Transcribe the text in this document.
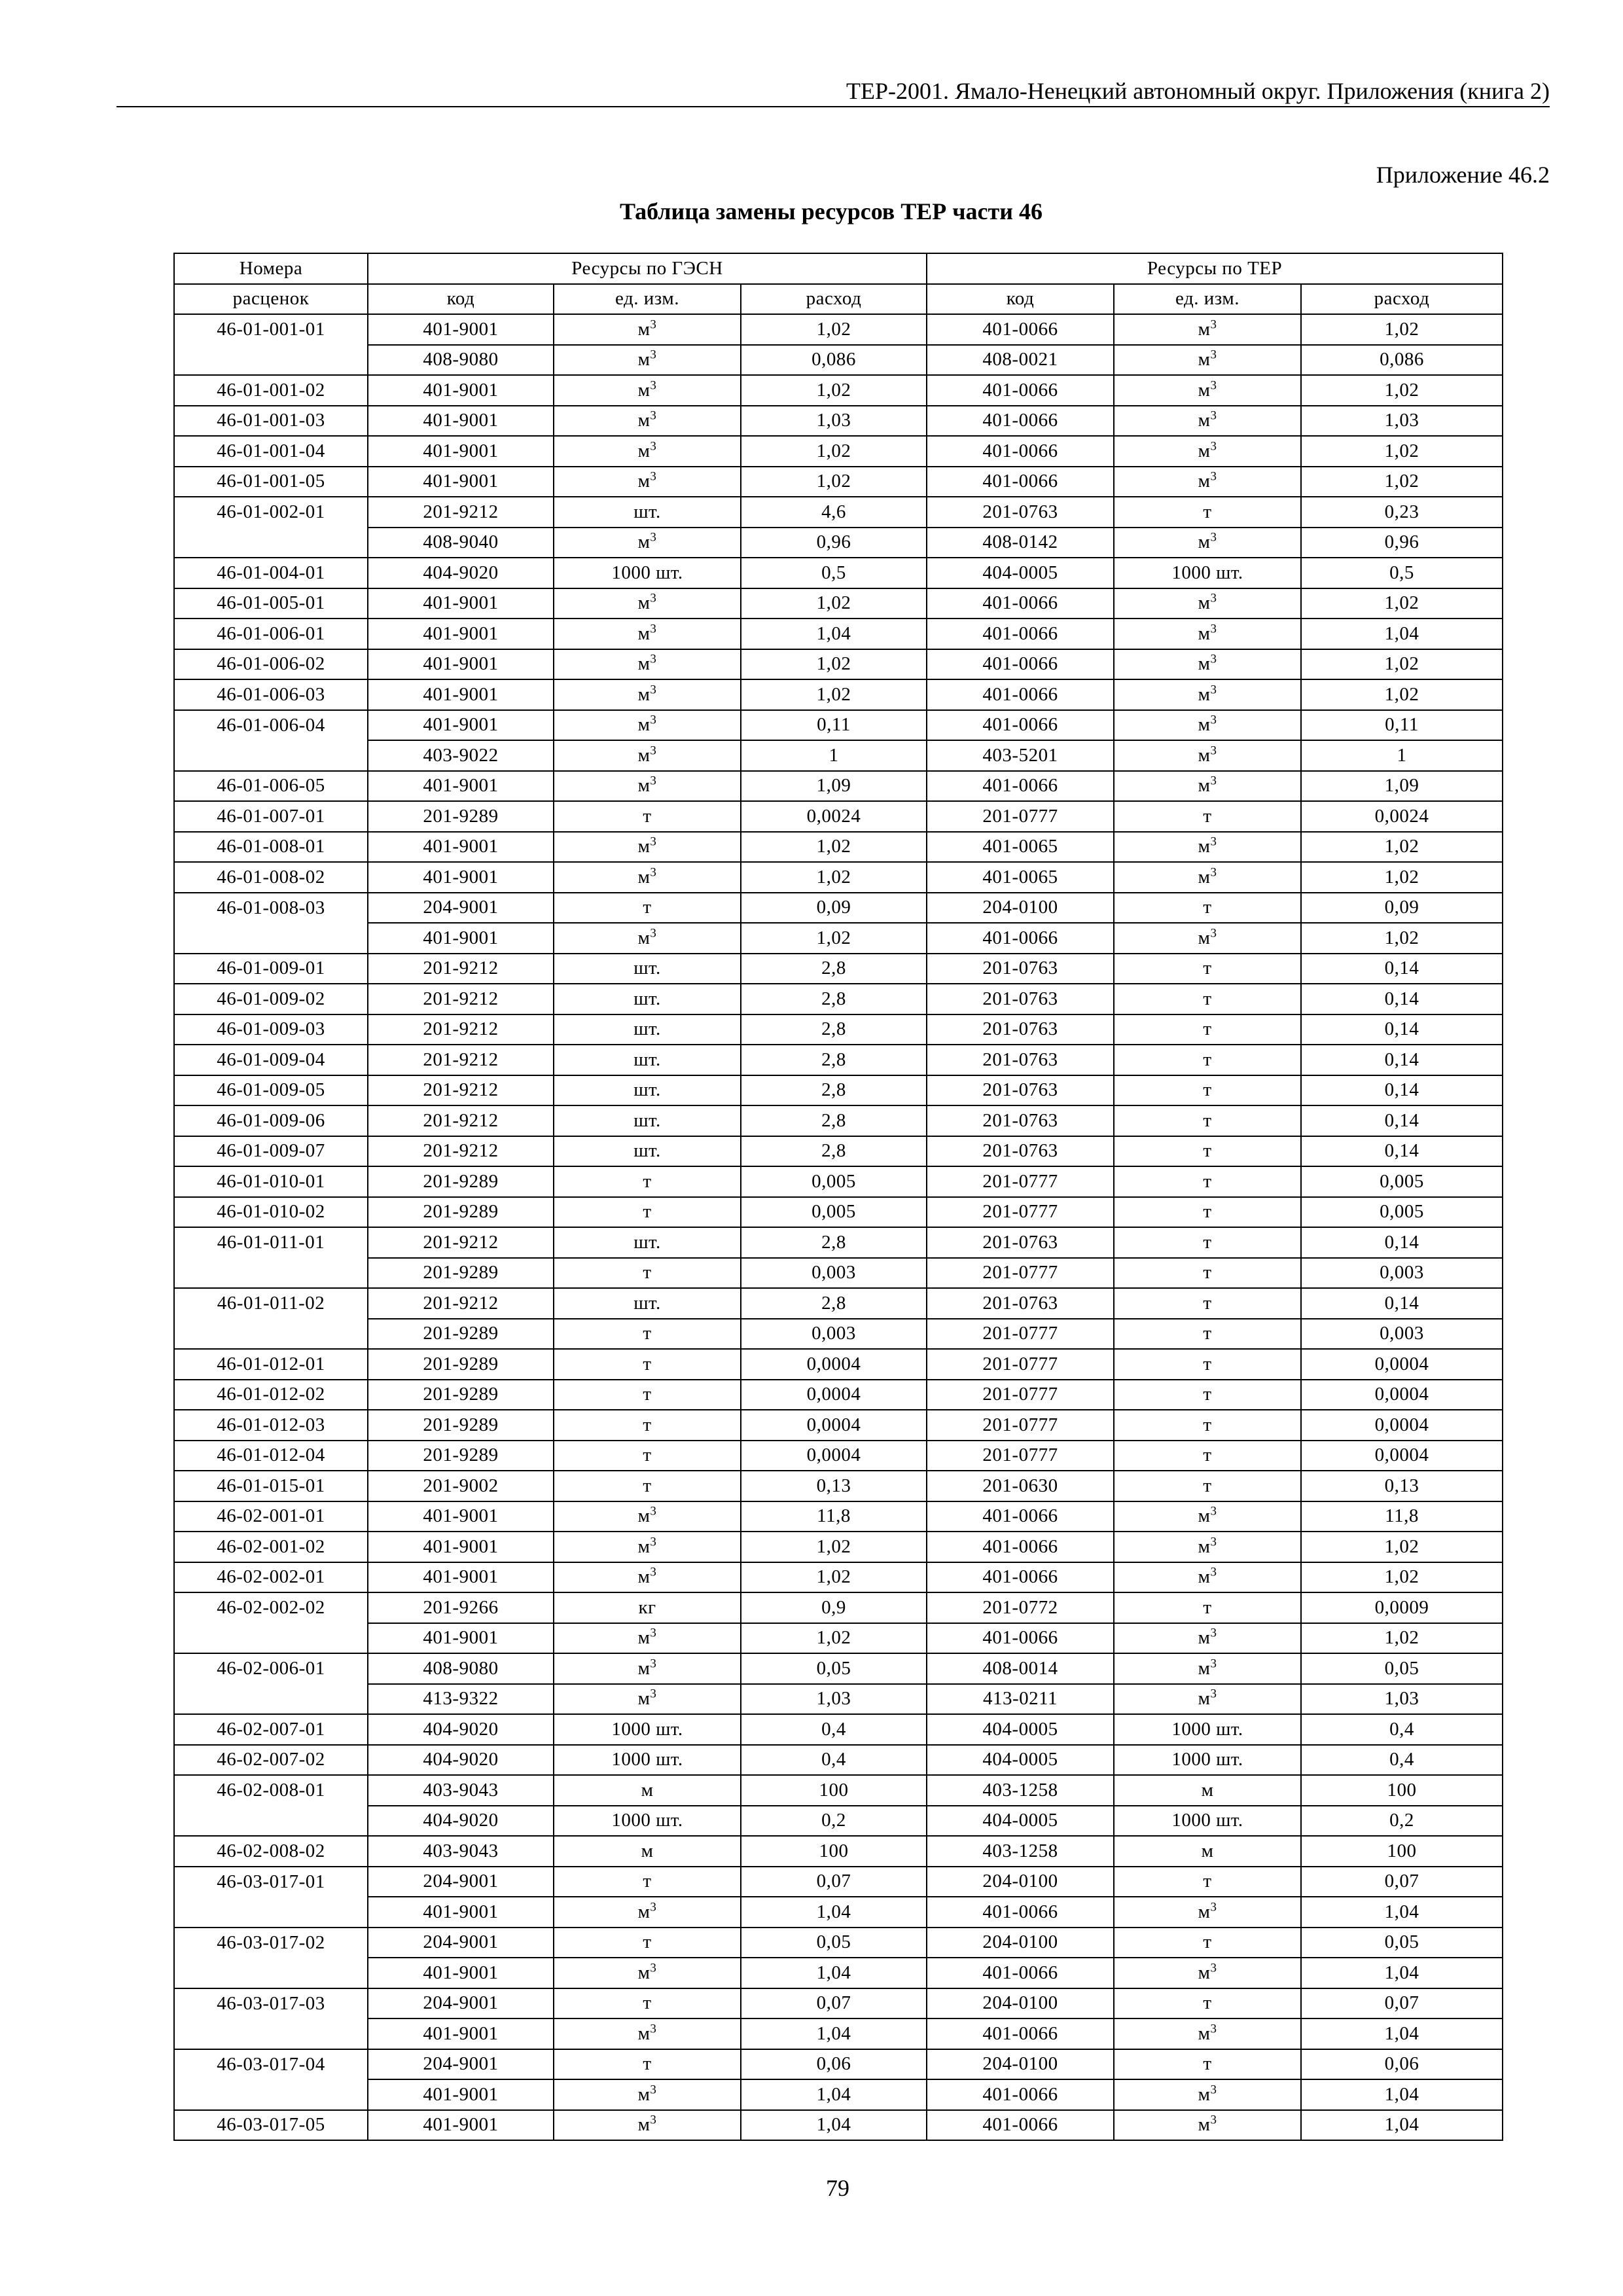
ТЕР-2001. Ямало-Ненецкий автономный округ. Приложения (книга 2)
Приложение 46.2
Таблица замены ресурсов ТЕР части 46
Номера	Ресурсы по ГЭСН			Ресурсы по ТЕР		
расценок	код	ед. изм.	расход	код	ед. изм.	расход
46-01-001-01	401-9001	$м^3$	1,02	401-0066	$м^3$	1,02
	408-9080	$м^3$	0,086	408-0021	$м^3$	0,086
46-01-001-02	401-9001	$м^3$	1,02	401-0066	$м^3$	1,02
46-01-001-03	401-9001	$м^3$	1,03	401-0066	$м^3$	1,03
46-01-001-04	401-9001	$м^3$	1,02	401-0066	$м^3$	1,02
46-01-001-05	401-9001	$м^3$	1,02	401-0066	$м^3$	1,02
46-01-002-01	201-9212	шт.	4,6	201-0763	т	0,23
	408-9040	$м^3$	0,96	408-0142	$м^3$	0,96
46-01-004-01	404-9020	1000 шт.	0,5	404-0005	1000 шт.	0,5
46-01-005-01	401-9001	$м^3$	1,02	401-0066	$м^3$	1,02
46-01-006-01	401-9001	$м^3$	1,04	401-0066	$м^3$	1,04
46-01-006-02	401-9001	$м^3$	1,02	401-0066	$м^3$	1,02
46-01-006-03	401-9001	$м^3$	1,02	401-0066	$м^3$	1,02
46-01-006-04	401-9001	$м^3$	0,11	401-0066	$м^3$	0,11
	403-9022	$м^3$	1	403-5201	$м^3$	1
46-01-006-05	401-9001	$м^3$	1,09	401-0066	$м^3$	1,09
46-01-007-01	201-9289	т	0,0024	201-0777	т	0,0024
46-01-008-01	401-9001	$м^3$	1,02	401-0065	$м^3$	1,02
46-01-008-02	401-9001	$м^3$	1,02	401-0065	$м^3$	1,02
46-01-008-03	204-9001	т	0,09	204-0100	т	0,09
	401-9001	$м^3$	1,02	401-0066	$м^3$	1,02
46-01-009-01	201-9212	шт.	2,8	201-0763	т	0,14
46-01-009-02	201-9212	шт.	2,8	201-0763	т	0,14
46-01-009-03	201-9212	шт.	2,8	201-0763	т	0,14
46-01-009-04	201-9212	шт.	2,8	201-0763	т	0,14
46-01-009-05	201-9212	шт.	2,8	201-0763	т	0,14
46-01-009-06	201-9212	шт.	2,8	201-0763	т	0,14
46-01-009-07	201-9212	шт.	2,8	201-0763	т	0,14
46-01-010-01	201-9289	т	0,005	201-0777	т	0,005
46-01-010-02	201-9289	т	0,005	201-0777	т	0,005
46-01-011-01	201-9212	шт.	2,8	201-0763	т	0,14
	201-9289	т	0,003	201-0777	т	0,003
46-01-011-02	201-9212	шт.	2,8	201-0763	т	0,14
	201-9289	т	0,003	201-0777	т	0,003
46-01-012-01	201-9289	т	0,0004	201-0777	т	0,0004
46-01-012-02	201-9289	т	0,0004	201-0777	т	0,0004
46-01-012-03	201-9289	т	0,0004	201-0777	т	0,0004
46-01-012-04	201-9289	т	0,0004	201-0777	т	0,0004
46-01-015-01	201-9002	т	0,13	201-0630	т	0,13
46-02-001-01	401-9001	$м^3$	11,8	401-0066	$м^3$	11,8
46-02-001-02	401-9001	$м^3$	1,02	401-0066	$м^3$	1,02
46-02-002-01	401-9001	$м^3$	1,02	401-0066	$м^3$	1,02
46-02-002-02	201-9266	кг	0,9	201-0772	т	0,0009
	401-9001	$м^3$	1,02	401-0066	$м^3$	1,02
46-02-006-01	408-9080	$м^3$	0,05	408-0014	$м^3$	0,05
	413-9322	$м^3$	1,03	413-0211	$м^3$	1,03
46-02-007-01	404-9020	1000 шт.	0,4	404-0005	1000 шт.	0,4
46-02-007-02	404-9020	1000 шт.	0,4	404-0005	1000 шт.	0,4
46-02-008-01	403-9043	м	100	403-1258	м	100
	404-9020	1000 шт.	0,2	404-0005	1000 шт.	0,2
46-02-008-02	403-9043	м	100	403-1258	м	100
46-03-017-01	204-9001	т	0,07	204-0100	т	0,07
	401-9001	$м^3$	1,04	401-0066	$м^3$	1,04
46-03-017-02	204-9001	т	0,05	204-0100	т	0,05
	401-9001	$м^3$	1,04	401-0066	$м^3$	1,04
46-03-017-03	204-9001	т	0,07	204-0100	т	0,07
	401-9001	$м^3$	1,04	401-0066	$м^3$	1,04
46-03-017-04	204-9001	т	0,06	204-0100	т	0,06
	401-9001	$м^3$	1,04	401-0066	$м^3$	1,04
46-03-017-05	401-9001	$м^3$	1,04	401-0066	$м^3$	1,04
79
